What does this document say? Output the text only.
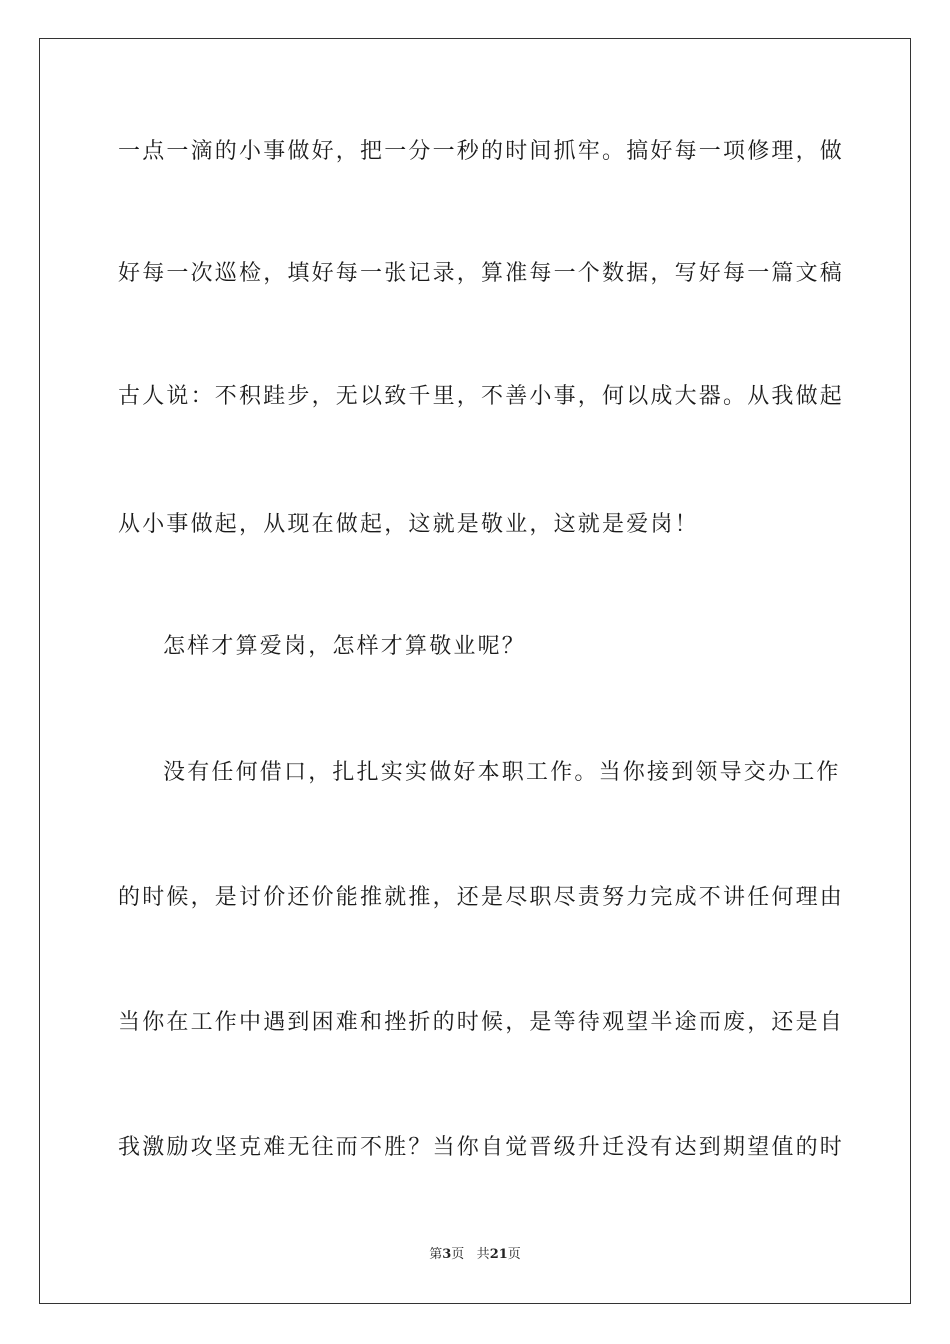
一点一滴的小事做好，把一分一秒的时间抓牢。搞好每一项修理，做
好每一次巡检，填好每一张记录，算准每一个数据，写好每一篇文稿
古人说：不积跬步，无以致千里，不善小事，何以成大器。从我做起
从小事做起，从现在做起，这就是敬业，这就是爱岗！
怎样才算爱岗，怎样才算敬业呢？
没有任何借口，扎扎实实做好本职工作。当你接到领导交办工作
的时候，是讨价还价能推就推，还是尽职尽责努力完成不讲任何理由
当你在工作中遇到困难和挫折的时候，是等待观望半途而废，还是自
我激励攻坚克难无往而不胜？当你自觉晋级升迁没有达到期望值的时
第3页 共21页
